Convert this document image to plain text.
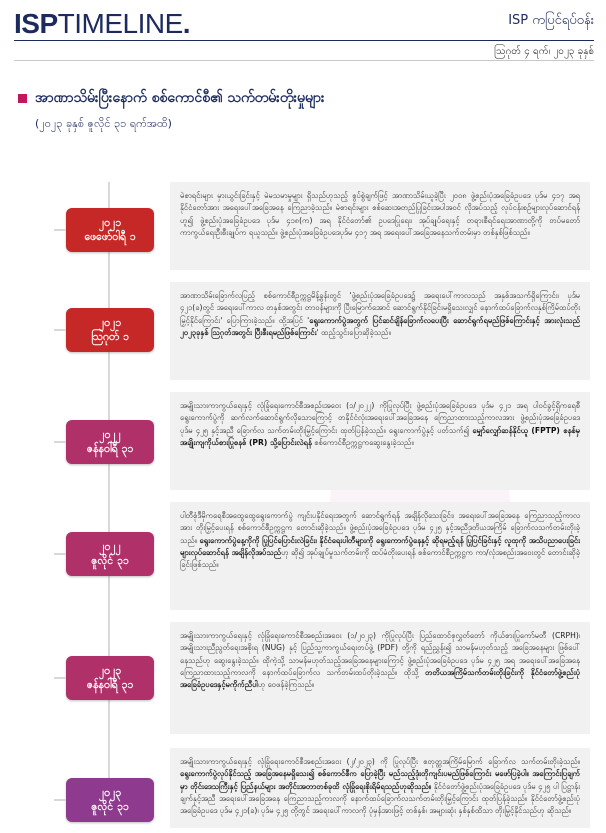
ISPTIMELINE.	ISP ကပြင်ရပ်ဝန်း
ဩဂုတ် ၄ ရက်၊ ၂၀၂၃ ခုနှစ်
အာဏာသိမ်းပြီးနောက် စစ်ကောင်စီ၏ သက်တမ်းတိုးမှုများ
(၂၀၂၃ ခုနှစ် ဇူလိုင် ၃၁ ရက်အထိ)
၂၀၂၁
ဖေဖော်ဝါရီ ၁
မဲစာရင်းများ မှားယွင်းခြင်းနှင့် မဲမသမာမှုများ ရှိသည်ဟုသည့် စွပ်စွဲချက်ဖြင့် အာဏာသိမ်းယူခဲ့ပြီး ၂၀၀၈ ဖွဲ့စည်းပုံအခြေခံဥပဒေ ပုဒ်မ ၄၁၇ အရ နိုင်ငံတော်အား အရေးပေါ်အခြေအနေ ကြေညာခဲ့သည်။ မဲစာရင်းများ စစ်ဆေးအတည်ပြုခြင်းအပါအဝင် လိုအပ်သည့် လုပ်ငန်းစဉ်များလုပ်ဆောင်ရန်ဟူ၍ ဖွဲ့စည်းပုံအခြေခံဥပဒေ ပုဒ်မ ၄၁၈(က) အရ နိုင်ငံတော်၏ ဥပဒေပြုရေး၊ အုပ်ချုပ်ရေးနှင့် တရားစီရင်ရေးအာဏာတို့ကို တပ်မတော်ကာကွယ်ရေးဦးစီးချုပ်က ရယူသည်။ ဖွဲ့စည်းပုံအခြေခံဥပဒေပုဒ်မ ၄၁၇ အရ အရေးပေါ်အခြေအနေသက်တမ်းမှာ တစ်နှစ်ဖြစ်သည်။
၂၀၂၁
ဩဂုတ် ၁
အာဏာသိမ်းခြောက်လပြည့် စစ်ကောင်စီဥက္ကဋ္ဌမိန့်ခွန်းတွင် 'ဖွဲ့စည်းပုံအခြေခံဥပဒေ၌ အရေးပေါ်ကာလသည် အနှစ်အသက်ရှိကြောင်း၊ ပုဒ်မ ၄၂၁(ခ)တွင် အရေးပေါ်ကာလ တနှစ်အတွင်း တာဝန်များကို ပြီးမြောက်အောင် ဆောင်ရွက်နိုင်ခြင်းမရှိသေးလျှင် နောက်ထပ်ခြောက်လနှစ်ကြိမ်ထပ်တိုးမြှင့်နိုင်ကြောင်း' ပြောကြားခဲ့သည်။ ထို့အပြင် 'ရွေးကောက်ပွဲအတွက် ပြင်ဆင်ချိန်ခြောက်လပေးပြီး ဆောင်ရွက်ရမည်ဖြစ်ကြောင်းနှင့် အားလုံးသည် ၂၀၂၃ခုနှစ် ဩဂုတ်အတွင်း ပြီးစီးရမည်ဖြစ်ကြောင်း' ထည့်သွင်းပြောဆိုခဲ့သည်။
၂၀၂၂
ဇန်နဝါရီ ၃၁
အမျိုးသားကာကွယ်ရေးနှင့် လုံခြုံရေးကောင်စီအစည်းအဝေး (၁/၂၀၂၂) ကိုပြုလုပ်ပြီး ဖွဲ့စည်းပုံအခြေခံဥပဒေ ပုဒ်မ ၄၂၁ အရ ပါဝင်ခွင့်ရှိကရေစီရွေးကောက်ပွဲကို ဆက်လက်ဆောင်ရွက်လိုသောကြောင့် တနိုင်ငံလုံးအရေးပေါ်အခြေအနေ ကြေညာထားသည့်ကာလအား ဖွဲ့စည်းပုံအခြေခံဥပဒေ ပုဒ်မ ၄၂၅ နှင့်အညီ ခြောက်လ သက်တမ်းတိုးမြှင့်ကြောင်း ထုတ်ပြန်ခဲ့သည်။ ရွေးကောက်ပွဲနှင့် ပတ်သက်၍ မျှော်လျှော်ဆန်နိုင်ယူ (FPTP) စနစ်မှ အချိုးကျကိုယ်စားပြုစနစ် (PR) သို့ပြောင်းလဲရန် စစ်ကောင်စီဥက္ကဋ္ဌကဆွေးနွေးခဲ့သည်။
၂၀၂၂
ဇူလိုင် ၃၁
ပါတီစုံဒီမိုကရေစီအထွေထွေရွေးကောက်ပွဲ ကျင်းပနိုင်ရေးအတွက် ဆောင်ရွက်ရန် အချိန်လိုသေးခြင်း၊ အရေးပေါ်အခြေအနေ ကြေညာသည့်ကာလအား တိုးမြှင့်ပေးရန် စစ်ကောင်စီဥက္ကဋ္ဌက တောင်းဆိုခဲ့သည်။ ဖွဲ့စည်းပုံအခြေခံဥပဒေ ပုဒ်မ ၄၂၅ နှင့်အညီဒုတိယအကြိမ် ခြောက်လသက်တမ်းတိုးခဲ့သည်။ ရွေးကောက်ပွဲနေ့ကိုကို ပြုပြင်ပြောင်းလဲခြင်း၊ နိုင်ငံရေးပါတီများကို ရွေးကောက်ပွဲနေနှင့် ဆိုရမည့်ရန် ပြုပြင်ခြင်းနှင့် လူထုကို အသိပညာပေးခြင်းများလုပ်ဆောင်ရန် အချိန်လိုအပ်သည်ဟု ဆို၍ အုပ်ချုပ်မှုသက်တမ်းကို ထပ်မံတိုးပေးရန် စစ်ကောင်စီဥက္ကဋ္ဌက ကာ/လုံအစည်းအဝေးတွင် တောင်းဆိုခဲ့ခြင်းဖြစ်သည်။
၂၀၂၃
ဇန်နဝါရီ ၃၁
အမျိုးသားကာကွယ်ရေးနှင့် လုံခြုံရေးကောင်စီအစည်းအဝေး (၁/၂၀၂၃) ကိုပြုလုပ်ပြီး ပြည်ထောင်စုလွှတ်တော် ကိုယ်စားပြုကော်မတီ (CRPH)၊ အမျိုးသားညီညွတ်ရေးအစိုးရ (NUG) နှင့် ပြည်သူ့ကာကွယ်ရေးတပ်ဖွဲ့ (PDF) တို့ကို ရည်ညွှန်း၍ သာမန်မဟုတ်သည့် အခြေအနေများ ဖြစ်ပေါ်နေသည်ဟု ဆွေးနွေးခဲ့သည်။ ထိုကဲ့သို့ သာမန်မဟုတ်သည့်အခြေအနေများကြောင့် ဖွဲ့စည်းပုံအခြေခံဥပဒေ ပုဒ်မ ၄၂၅ အရ အရေးပေါ်အခြေအနေ ကြေညာထားသည့်ကာလကို နောက်ထပ်ခြောက်လ သက်တမ်းထပ်တိုးခဲ့သည်။ ထိုသို့ တတိယအကြိမ်သက်တမ်းတိုးခြင်းကို နိုင်ငံတော်ဖွဲ့စည်းပုံအခြေခံဥပဒေနှင့်မကိုက်ညီပါဟု ဝေဖန်ခဲ့ကြသည်။
၂၀၂၃
ဇူလိုင် ၃၁
အမျိုးသားကာကွယ်ရေးနှင့် လုံခြုံရေးကောင်စီအစည်းအဝေး (၂/၂၀၂၃) ကို ပြုလုပ်ပြီး စတုတ္ထအကြိမ်မြောက် ခြောက်လ သက်တမ်းတိုးခဲ့သည်။ ရွေးကောက်ပွဲလုပ်နိုင်သည့် အခြေအနေမရှိသေး၍ စစ်ကောင်စီက ပြောခဲ့ပြီး မည်သည့်ဒုံးတိုကျင်းပမည်ဖြစ်ကြောင်း မဖော်ပြခဲ့ပါ။ အကြောင်းပြချက်မှာ တိုင်းဒေသကြီးနှင့် ပြည်နယ်များ အတိုင်းအတာတစ်ခုထိ လုံခြုံရေးစိုးရိမ်ရသည်ဟုဆိုသည်။ နိုင်ငံတော်ဖွဲ့စည်းပုံအခြေခံဥပဒေ ပုဒ်မ ၄၂၅ ပါ ပြဋ္ဌာန်းချက်နှင့်အညီ အရေးပေါ်အခြေအနေ ကြေညာသည့်ကာလကို နောက်ထပ်ခြောက်လသက်တမ်းတိုးမြှင့်ကြောင်း ထုတ်ပြန်ခဲ့သည်။ နိုင်ငံတော်ဖွဲ့စည်းပုံအခြေခံဥပဒေ ပုဒ်မ ၄၂၁(ခ)၊ ပုဒ်မ ၄၂၅ တို့တွင် အရေးပေါ်ကာလကို ပုံမှန်အားဖြင့် တစ်နှစ်၊ အများဆုံး နှစ်နှစ်ထိသာ တိုးမြှင့်နိုင်သည်ဟု ဆိုသည်။
